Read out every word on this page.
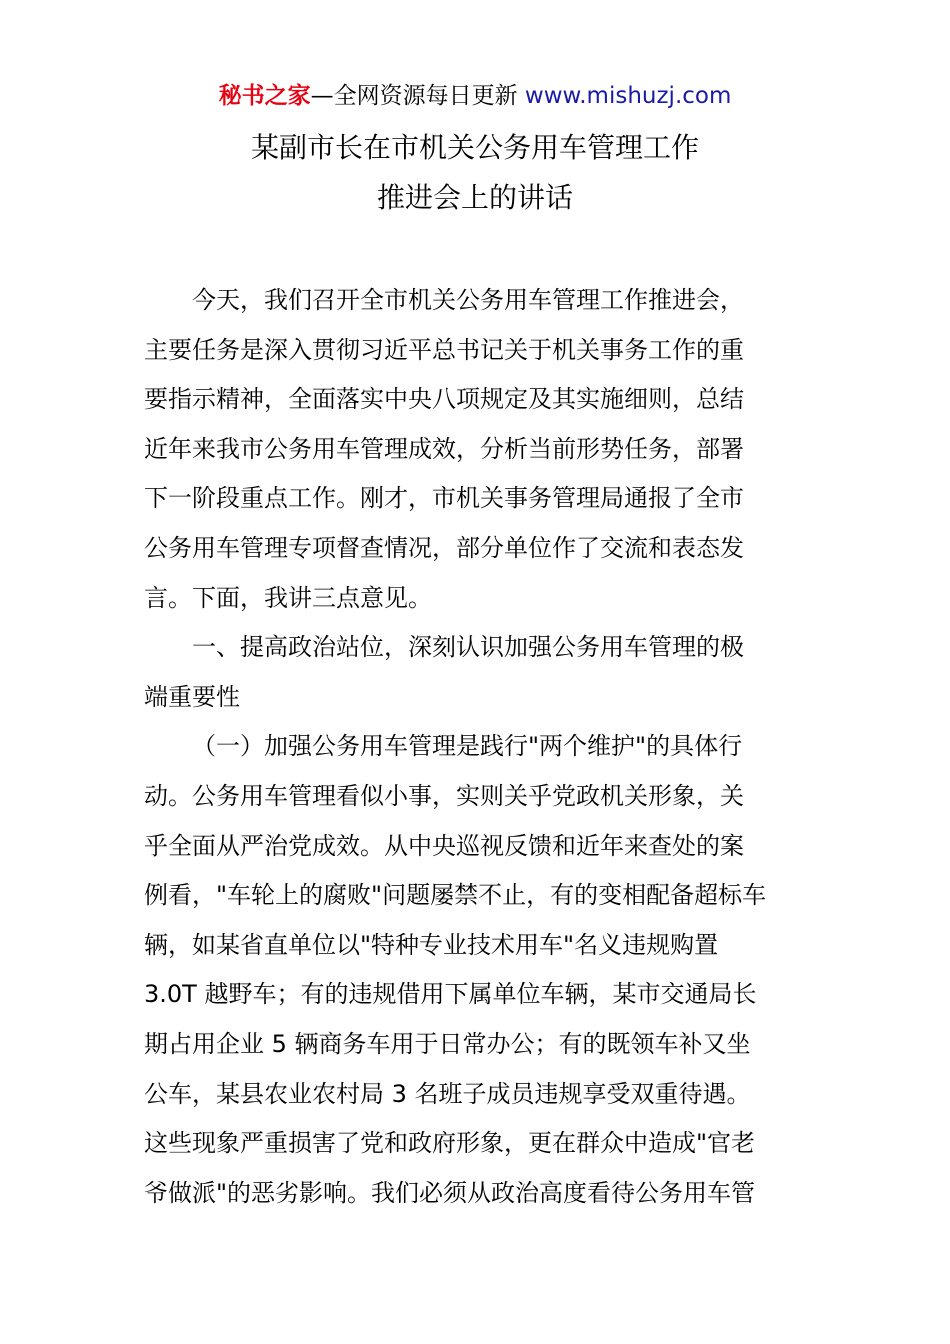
秘书之家—全网资源每日更新 www.mishuzj.com
某副市长在市机关公务用车管理工作
推进会上的讲话
今天，我们召开全市机关公务用车管理工作推进会，
主要任务是深入贯彻习近平总书记关于机关事务工作的重
要指示精神，全面落实中央八项规定及其实施细则，总结
近年来我市公务用车管理成效，分析当前形势任务，部署
下一阶段重点工作。刚才，市机关事务管理局通报了全市
公务用车管理专项督查情况，部分单位作了交流和表态发
言。下面，我讲三点意见。
一、提高政治站位，深刻认识加强公务用车管理的极
端重要性
（一）加强公务用车管理是践行"两个维护"的具体行
动。公务用车管理看似小事，实则关乎党政机关形象，关
乎全面从严治党成效。从中央巡视反馈和近年来查处的案
例看，"车轮上的腐败"问题屡禁不止，有的变相配备超标车
辆，如某省直单位以"特种专业技术用车"名义违规购置
3.0T 越野车；有的违规借用下属单位车辆，某市交通局长
期占用企业 5 辆商务车用于日常办公；有的既领车补又坐
公车，某县农业农村局 3 名班子成员违规享受双重待遇。
这些现象严重损害了党和政府形象，更在群众中造成"官老
爷做派"的恶劣影响。我们必须从政治高度看待公务用车管
